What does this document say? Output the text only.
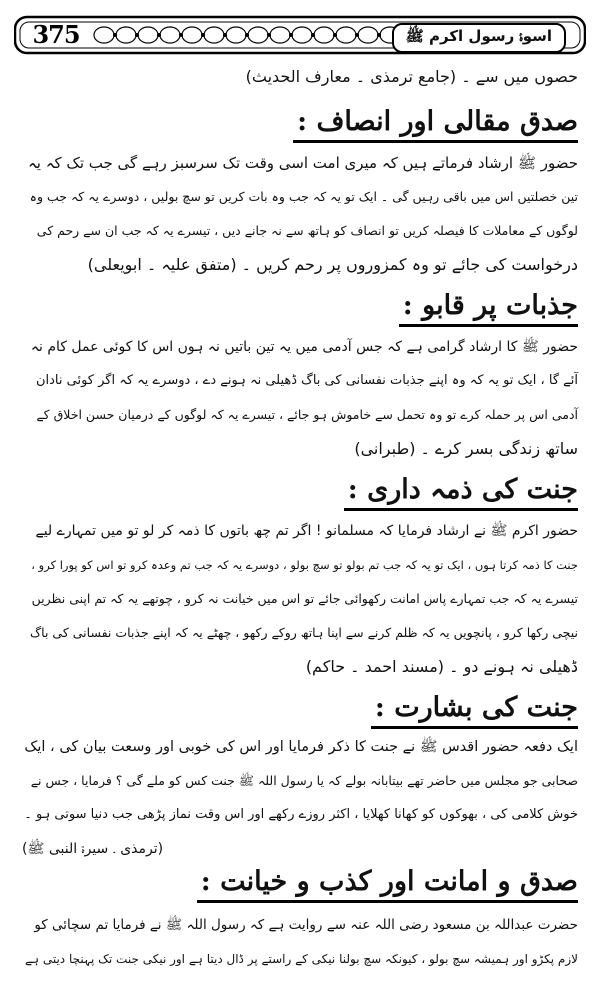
375	اسوۂ رسول اکرم ﷺ
حصوں میں سے ۔ (جامع ترمذی ۔ معارف الحدیث)
صدق مقالی اور انصاف :
حضور ﷺ ارشاد فرماتے ہیں کہ میری امت اسی وقت تک سرسبز رہے گی جب تک کہ یہ
تین خصلتیں اس میں باقی رہیں گی ۔ ایک تو یہ کہ جب وہ بات کریں تو سچ بولیں ، دوسرے یہ کہ جب وہ
لوگوں کے معاملات کا فیصلہ کریں تو انصاف کو ہاتھ سے نہ جانے دیں ، تیسرے یہ کہ جب ان سے رحم کی
درخواست کی جائے تو وہ کمزوروں پر رحم کریں ۔ (متفق علیہ ۔ ابویعلی)
جذبات پر قابو :
حضور ﷺ کا ارشاد گرامی ہے کہ جس آدمی میں یہ تین باتیں نہ ہوں اس کا کوئی عمل کام نہ
آئے گا ، ایک تو یہ کہ وہ اپنے جذبات نفسانی کی باگ ڈھیلی نہ ہونے دے ، دوسرے یہ کہ اگر کوئی نادان
آدمی اس پر حملہ کرے تو وہ تحمل سے خاموش ہو جائے ، تیسرے یہ کہ لوگوں کے درمیان حسن اخلاق کے
ساتھ زندگی بسر کرے ۔ (طبرانی)
جنت کی ذمہ داری :
حضور اکرم ﷺ نے ارشاد فرمایا کہ مسلمانو ! اگر تم چھ باتوں کا ذمہ کر لو تو میں تمہارے لیے
جنت کا ذمہ کرتا ہوں ، ایک تو یہ کہ جب تم بولو تو سچ بولو ، دوسرے یہ کہ جب تم وعدہ کرو تو اس کو پورا کرو ،
تیسرے یہ کہ جب تمہارے پاس امانت رکھوائی جائے تو اس میں خیانت نہ کرو ، چوتھے یہ کہ تم اپنی نظریں
نیچی رکھا کرو ، پانچویں یہ کہ ظلم کرنے سے اپنا ہاتھ روکے رکھو ، چھٹے یہ کہ اپنے جذبات نفسانی کی باگ
ڈھیلی نہ ہونے دو ۔ (مسند احمد ۔ حاکم)
جنت کی بشارت :
ایک دفعہ حضور اقدس ﷺ نے جنت کا ذکر فرمایا اور اس کی خوبی اور وسعت بیان کی ، ایک
صحابی جو مجلس میں حاضر تھے بیتابانہ بولے کہ یا رسول اللہ ﷺ جنت کس کو ملے گی ؟ فرمایا ، جس نے
خوش کلامی کی ، بھوکوں کو کھانا کھلایا ، اکثر روزے رکھے اور اس وقت نماز پڑھی جب دنیا سوتی ہو ۔
(ترمذی ۔ سیرۃ النبی ﷺ)
صدق و امانت اور کذب و خیانت :
حضرت عبداللہ بن مسعود رضی اللہ عنہ سے روایت ہے کہ رسول اللہ ﷺ نے فرمایا تم سچائی کو
لازم پکڑو اور ہمیشہ سچ بولو ، کیونکہ سچ بولنا نیکی کے راستے پر ڈال دیتا ہے اور نیکی جنت تک پہنچا دیتی ہے
